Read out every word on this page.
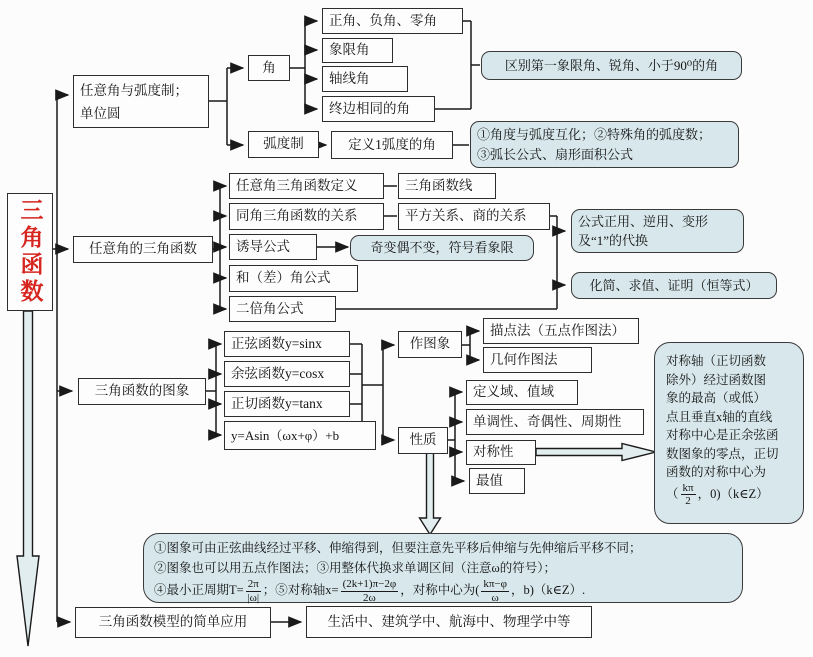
三角函数
任意角与弧度制；
单位圆
角
弧度制
正角、负角、零角
象限角
轴线角
终边相同的角
定义1弧度的角
区别第一象限角、锐角、小于90⁰的角
①角度与弧度互化；②特殊角的弧度数；
③弧长公式、扇形面积公式
任意角的三角函数
任意角三角函数定义	三角函数线
同角三角函数的关系	平方关系、商的关系
诱导公式	奇变偶不变，符号看象限
和（差）角公式
二倍角公式
公式正用、逆用、变形
及“1”的代换
化简、求值、证明（恒等式）
三角函数的图象
正弦函数y=sinx
余弦函数y=cosx
正切函数y=tanx
y=Asin（ωx+φ）+b
作图象
描点法（五点作图法）
几何作图法
性质
定义域、值域
单调性、奇偶性、周期性
对称性
最值
对称轴（正切函数
除外）经过函数图
象的最高（或低）
点且垂直x轴的直线
对称中心是正余弦函
数图象的零点，正切
函数的对称中心为
（ $\frac{k\pi}{2}$ ，0)（k∈Z）
①图象可由正弦曲线经过平移、伸缩得到，但要注意先平移后伸缩与先伸缩后平移不同；
②图象也可以用五点作图法；③用整体代换求单调区间（注意ω的符号）；
④最小正周期$T= \frac{2\pi}{|\omega|}$ ；⑤对称轴$x= \frac{(2k+1)\pi-2\varphi}{2\omega}$ ，对称中心为( $\frac{k\pi-\varphi}{\omega}$ ，b)（k∈Z）.
三角函数模型的简单应用	生活中、建筑学中、航海中、物理学中等
